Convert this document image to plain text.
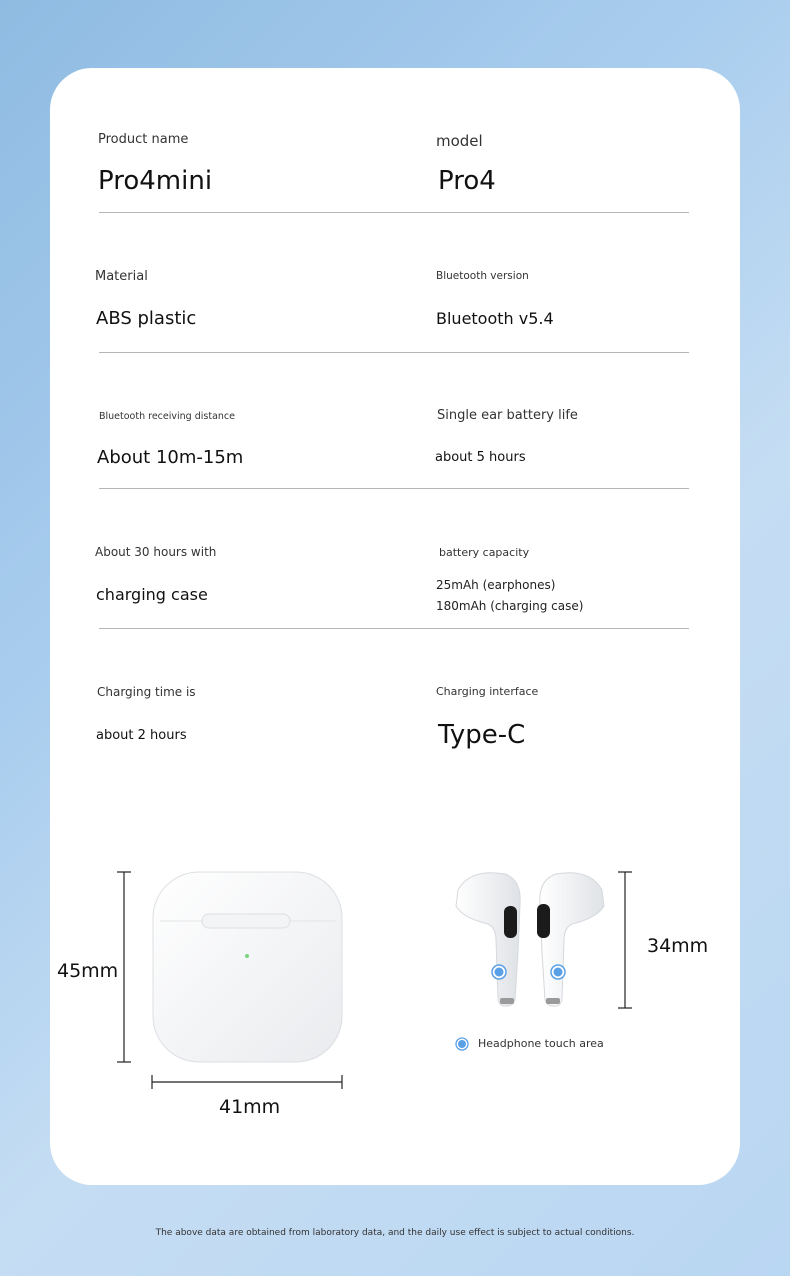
Product name
Pro4mini
model
Pro4
Material
ABS plastic
Bluetooth version
Bluetooth v5.4
Bluetooth receiving distance
About 10m-15m
Single ear battery life
about 5 hours
About 30 hours with
charging case
battery capacity
25mAh (earphones)
180mAh (charging case)
Charging time is
about 2 hours
Charging interface
Type-C
45mm
41mm
34mm
Headphone touch area
The above data are obtained from laboratory data, and the daily use effect is subject to actual conditions.
